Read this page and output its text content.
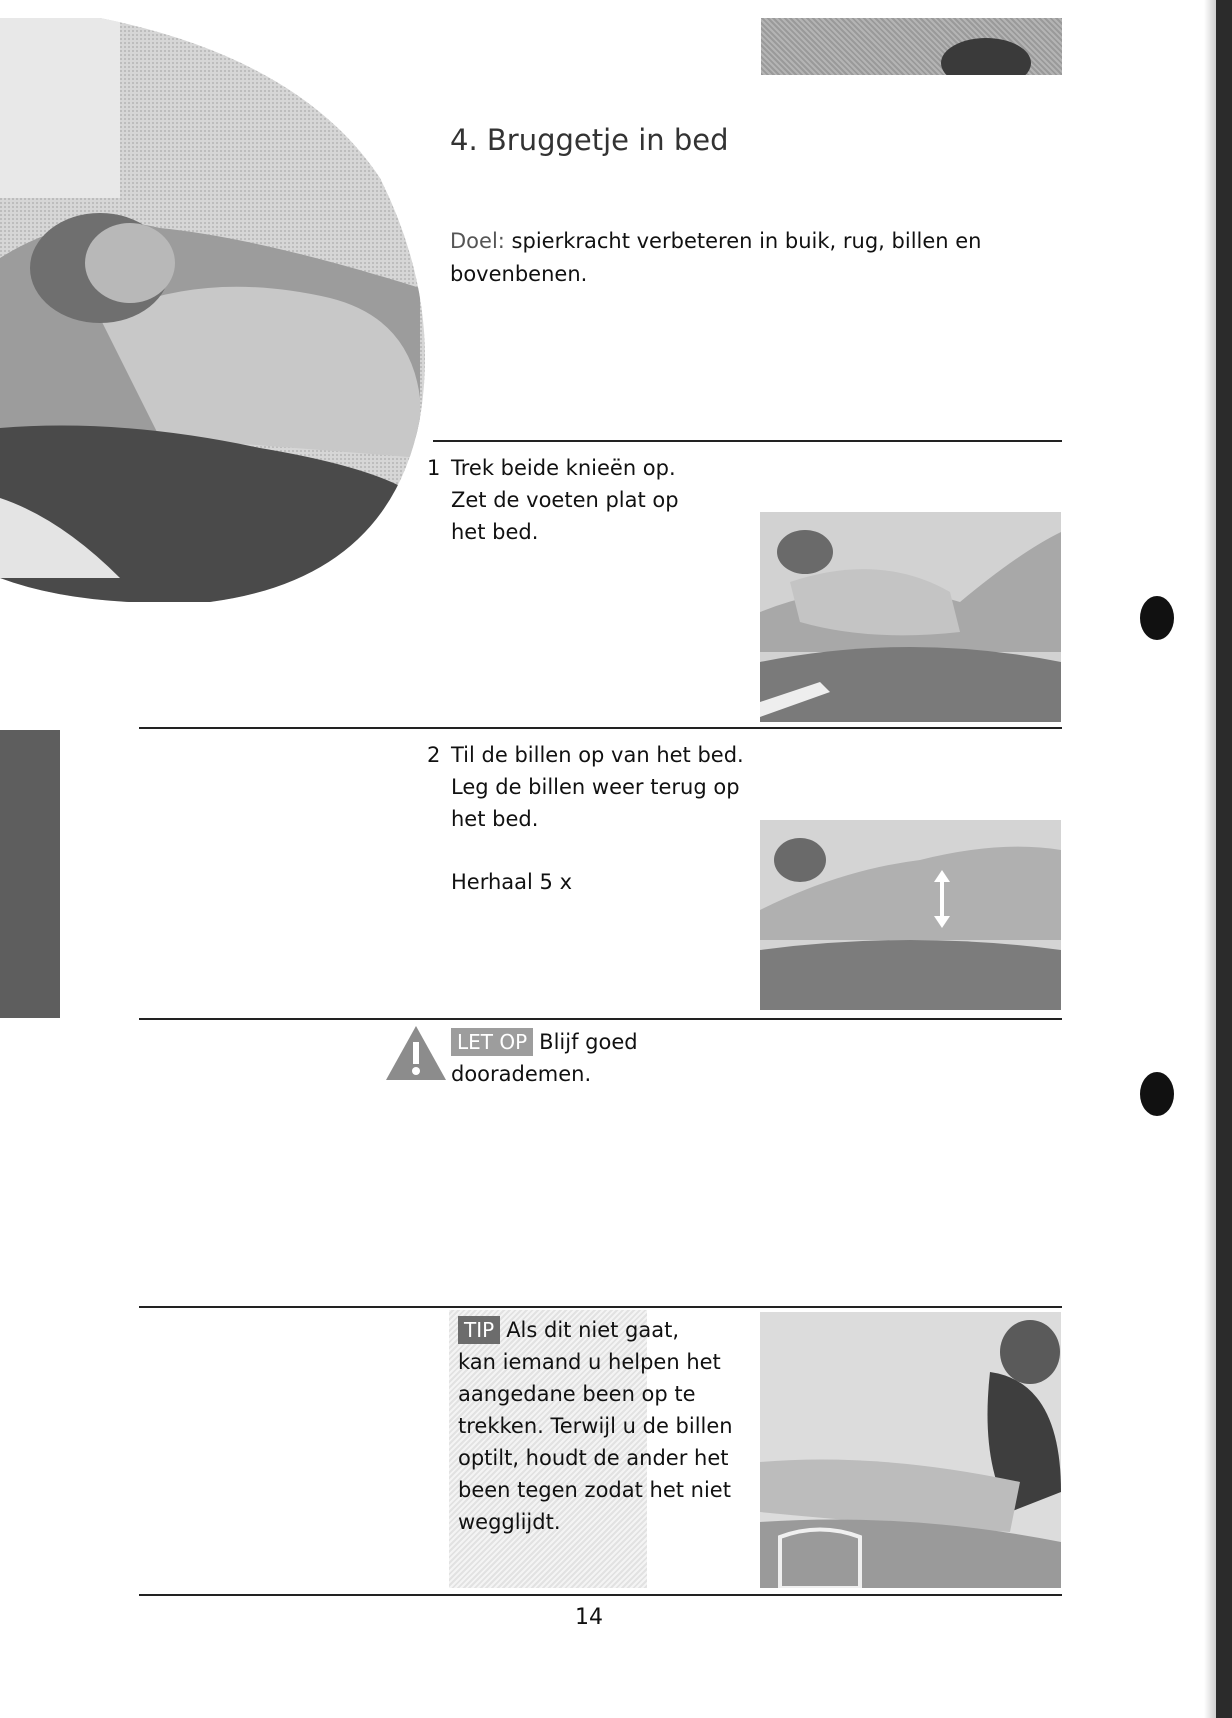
4. Bruggetje in bed
Doel: spierkracht verbeteren in buik, rug, billen en bovenbenen.
1 Trek beide knieën op.
Zet de voeten plat op
het bed.
2 Til de billen op van het bed.
Leg de billen weer terug op
het bed.
Herhaal 5 x
LET OP Blijf goed
doorademen.
TIP Als dit niet gaat,
kan iemand u helpen het
aangedane been op te
trekken. Terwijl u de billen
optilt, houdt de ander het
been tegen zodat het niet
wegglijdt.
14
